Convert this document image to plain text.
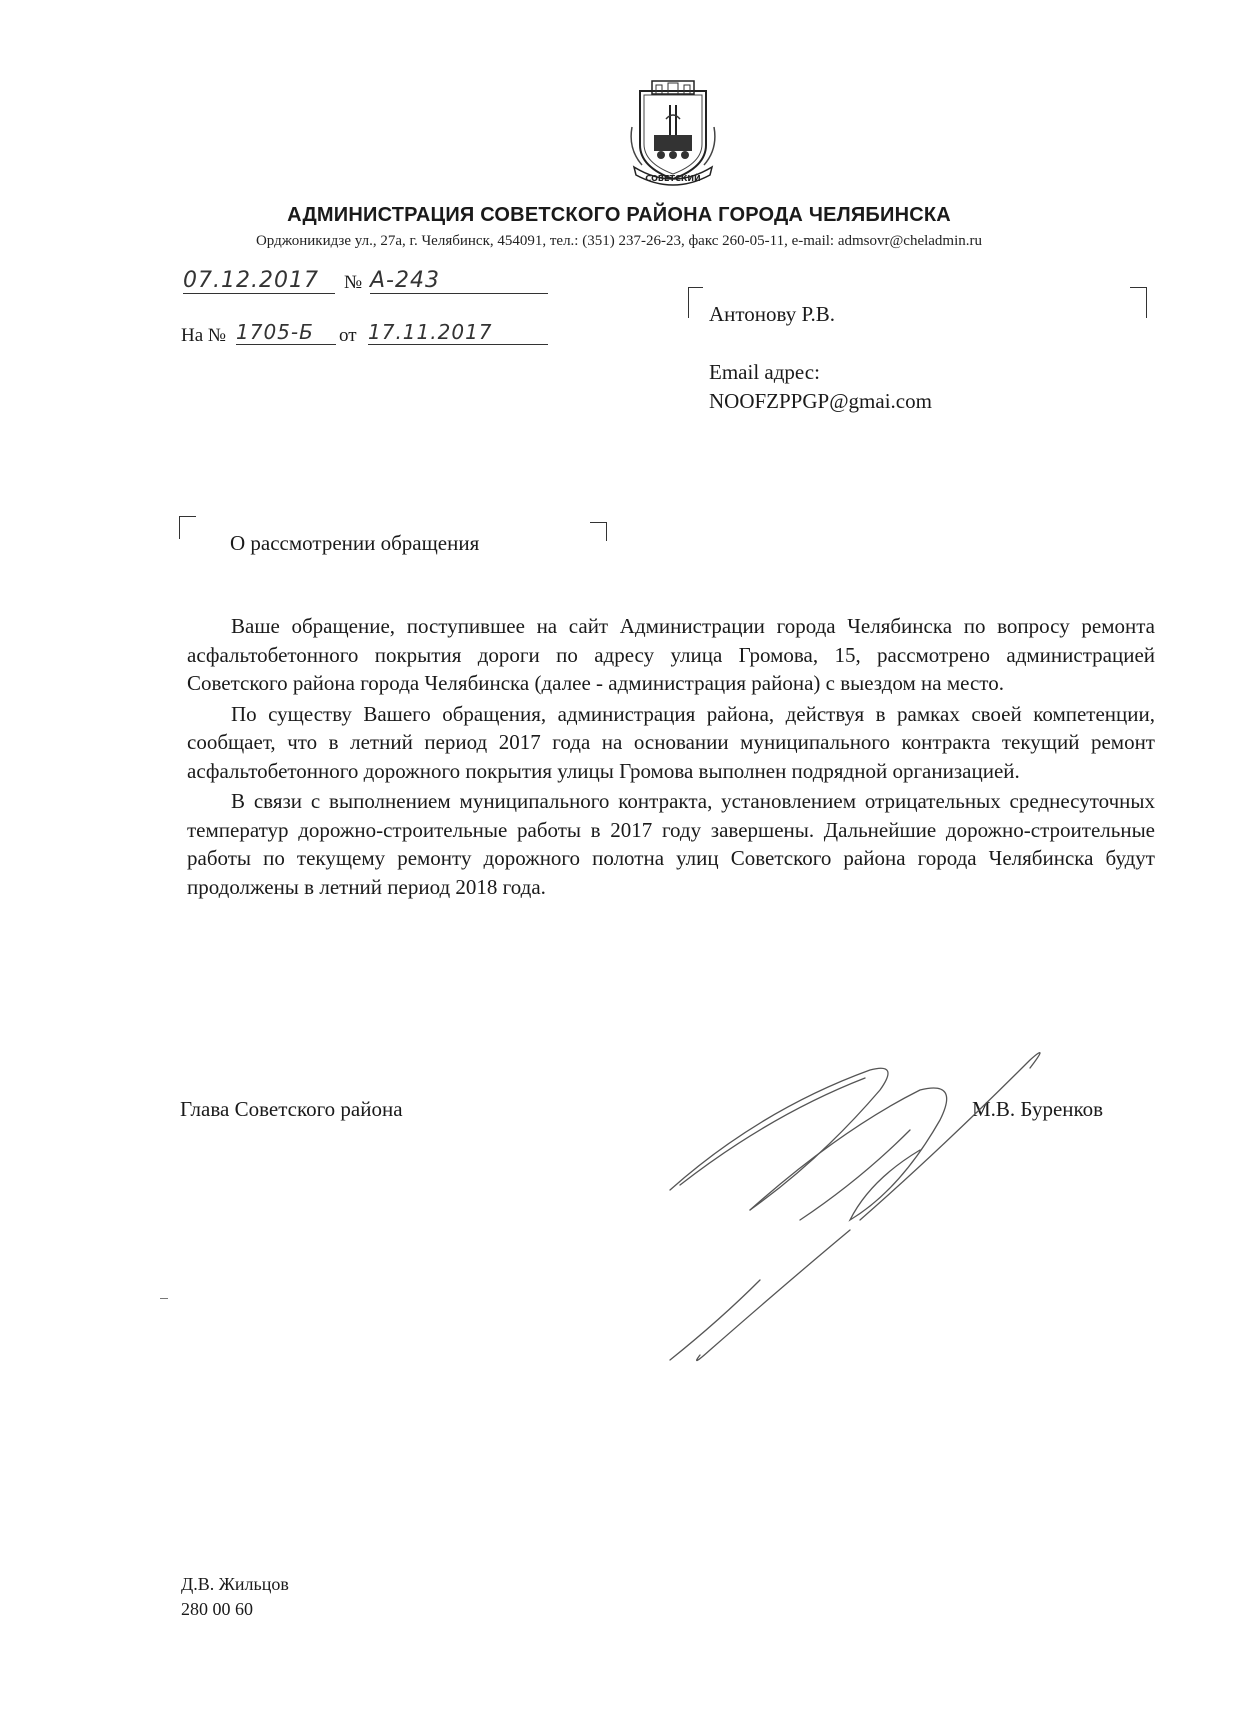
СОВЕТСКИЙ
АДМИНИСТРАЦИЯ СОВЕТСКОГО РАЙОНА ГОРОДА ЧЕЛЯБИНСКА
Орджоникидзе ул., 27а, г. Челябинск, 454091, тел.: (351) 237-26-23, факс 260-05-11, e-mail: admsovr@cheladmin.ru
07.12.2017	№ А-243
На № 1705-Б	от 17.11.2017
Антонову Р.В.
Email адрес:
NOOFZPPGP@gmai.com
О рассмотрении обращения

Ваше обращение, поступившее на сайт Администрации города Челябинска по вопросу ремонта асфальтобетонного покрытия дороги по адресу улица Громова, 15, рассмотрено администрацией Советского района города Челябинска (далее - администрация района) с выездом на место.

По существу Вашего обращения, администрация района, действуя в рамках своей компетенции, сообщает, что в летний период 2017 года на основании муниципального контракта текущий ремонт асфальтобетонного дорожного покрытия улицы Громова выполнен подрядной организацией.

В связи с выполнением муниципального контракта, установлением отрицательных среднесуточных температур дорожно-строительные работы в 2017 году завершены. Дальнейшие дорожно-строительные работы по текущему ремонту дорожного полотна улиц Советского района города Челябинска будут продолжены в летний период 2018 года.

Глава Советского района	М.В. Буренков
Д.В. Жильцов
280 00 60
